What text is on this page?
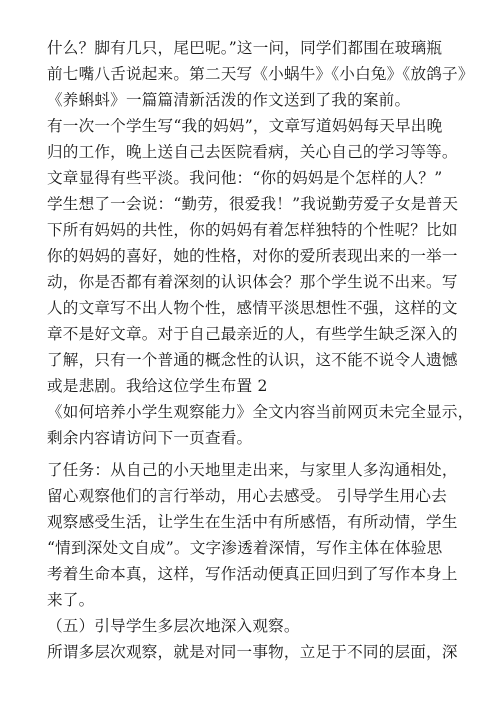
什么？脚有几只，尾巴呢。”这一问，同学们都围在玻璃瓶
前七嘴八舌说起来。第二天写《小蜗牛》《小白兔》《放鸽子》
《养蝌蚪》一篇篇清新活泼的作文送到了我的案前。
有一次一个学生写“我的妈妈”，文章写道妈妈每天早出晚
归的工作，晚上送自己去医院看病，关心自己的学习等等。
文章显得有些平淡。我问他：“你的妈妈是个怎样的人？”
学生想了一会说：“勤劳，很爱我！”我说勤劳爱子女是普天
下所有妈妈的共性，你的妈妈有着怎样独特的个性呢？比如
你的妈妈的喜好，她的性格，对你的爱所表现出来的一举一
动，你是否都有着深刻的认识体会？那个学生说不出来。写
人的文章写不出人物个性，感情平淡思想性不强，这样的文
章不是好文章。对于自己最亲近的人，有些学生缺乏深入的
了解，只有一个普通的概念性的认识，这不能不说令人遗憾
或是悲剧。我给这位学生布置 2
《如何培养小学生观察能力》全文内容当前网页未完全显示，
剩余内容请访问下一页查看。
了任务：从自己的小天地里走出来，与家里人多沟通相处，
留心观察他们的言行举动，用心去感受。 引导学生用心去
观察感受生活，让学生在生活中有所感悟，有所动情，学生
“情到深处文自成”。文字渗透着深情，写作主体在体验思
考着生命本真，这样，写作活动便真正回归到了写作本身上
来了。
（五）引导学生多层次地深入观察。
所谓多层次观察，就是对同一事物，立足于不同的层面，深
